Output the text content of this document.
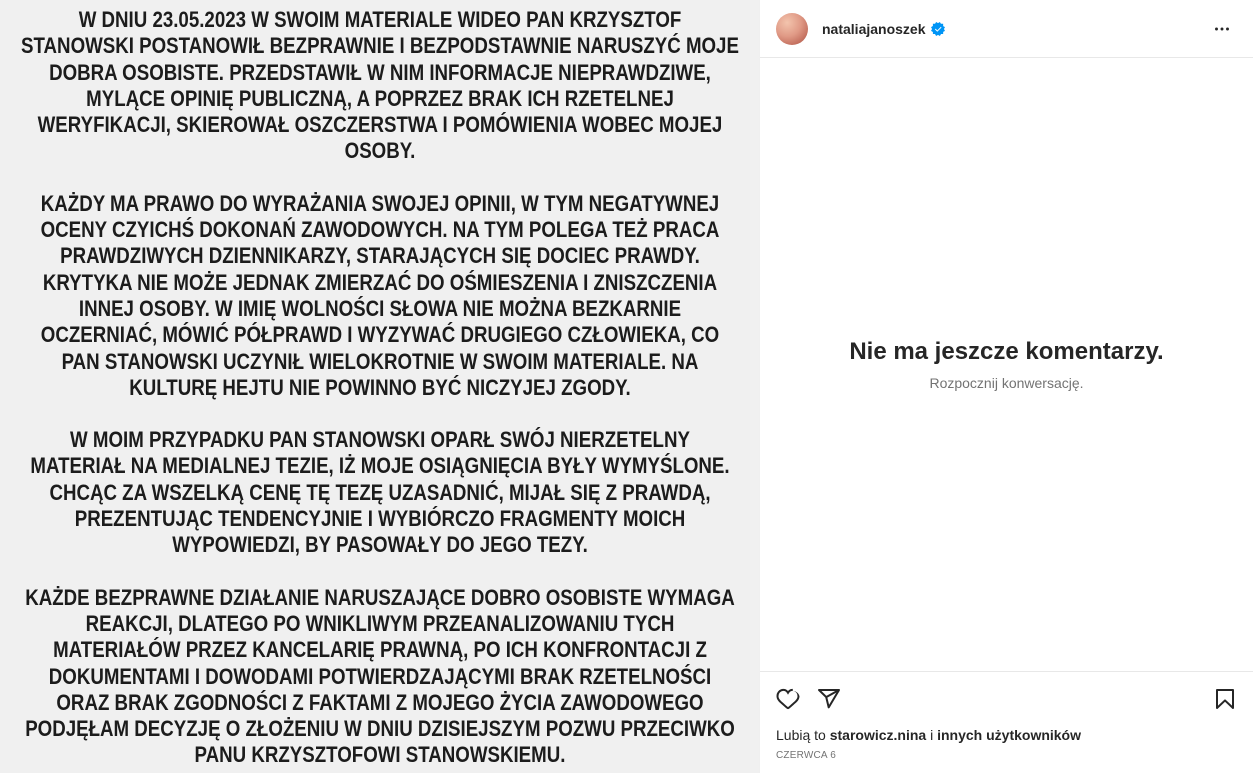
W DNIU 23.05.2023 W SWOIM MATERIALE WIDEO PAN KRZYSZTOF STANOWSKI POSTANOWIŁ BEZPRAWNIE I BEZPODSTAWNIE NARUSZYĆ MOJE DOBRA OSOBISTE. PRZEDSTAWIŁ W NIM INFORMACJE NIEPRAWDZIWE, MYLĄCE OPINIĘ PUBLICZNĄ, A POPRZEZ BRAK ICH RZETELNEJ WERYFIKACJI, SKIEROWAŁ OSZCZERSTWA I POMÓWIENIA WOBEC MOJEJ OSOBY.

KAŻDY MA PRAWO DO WYRAŻANIA SWOJEJ OPINII, W TYM NEGATYWNEJ OCENY CZYICHŚ DOKONAŃ ZAWODOWYCH. NA TYM POLEGA TEŻ PRACA PRAWDZIWYCH DZIENNIKARZY, STARAJĄCYCH SIĘ DOCIEC PRAWDY. KRYTYKA NIE MOŻE JEDNAK ZMIERZAĆ DO OŚMIESZENIA I ZNISZCZENIA INNEJ OSOBY. W IMIĘ WOLNOŚCI SŁOWA NIE MOŻNA BEZKARNIE OCZERNIAĆ, MÓWIĆ PÓŁPRAWD I WYZYWAĆ DRUGIEGO CZŁOWIEKA, CO PAN STANOWSKI UCZYNIŁ WIELOKROTNIE W SWOIM MATERIALE. NA KULTURĘ HEJTU NIE POWINNO BYĆ NICZYJEJ ZGODY.

W MOIM PRZYPADKU PAN STANOWSKI OPARŁ SWÓJ NIERZETELNY MATERIAŁ NA MEDIALNEJ TEZIE, IŻ MOJE OSIĄGNIĘCIA BYŁY WYMYŚLONE. CHCĄC ZA WSZELKĄ CENĘ TĘ TEZĘ UZASADNIĆ, MIJAŁ SIĘ Z PRAWDĄ, PREZENTUJĄC TENDENCYJNIE I WYBIÓRCZO FRAGMENTY MOICH WYPOWIEDZI, BY PASOWAŁY DO JEGO TEZY.

KAŻDE BEZPRAWNE DZIAŁANIE NARUSZAJĄCE DOBRO OSOBISTE WYMAGA REAKCJI, DLATEGO PO WNIKLIWYM PRZEANALIZOWANIU TYCH MATERIAŁÓW PRZEZ KANCELARIĘ PRAWNĄ, PO ICH KONFRONTACJI Z DOKUMENTAMI I DOWODAMI POTWIERDZAJĄCYMI BRAK RZETELNOŚCI ORAZ BRAK ZGODNOŚCI Z FAKTAMI Z MOJEGO ŻYCIA ZAWODOWEGO PODJĘŁAM DECYZJĘ O ZŁOŻENIU W DNIU DZISIEJSZYM POZWU PRZECIWKO PANU KRZYSZTOFOWI STANOWSKIEMU.

nataliajanoszek
Nie ma jeszcze komentarzy.
Rozpocznij konwersację.
Lubią to starowicz.nina i innych użytkowników
CZERWCA 6
